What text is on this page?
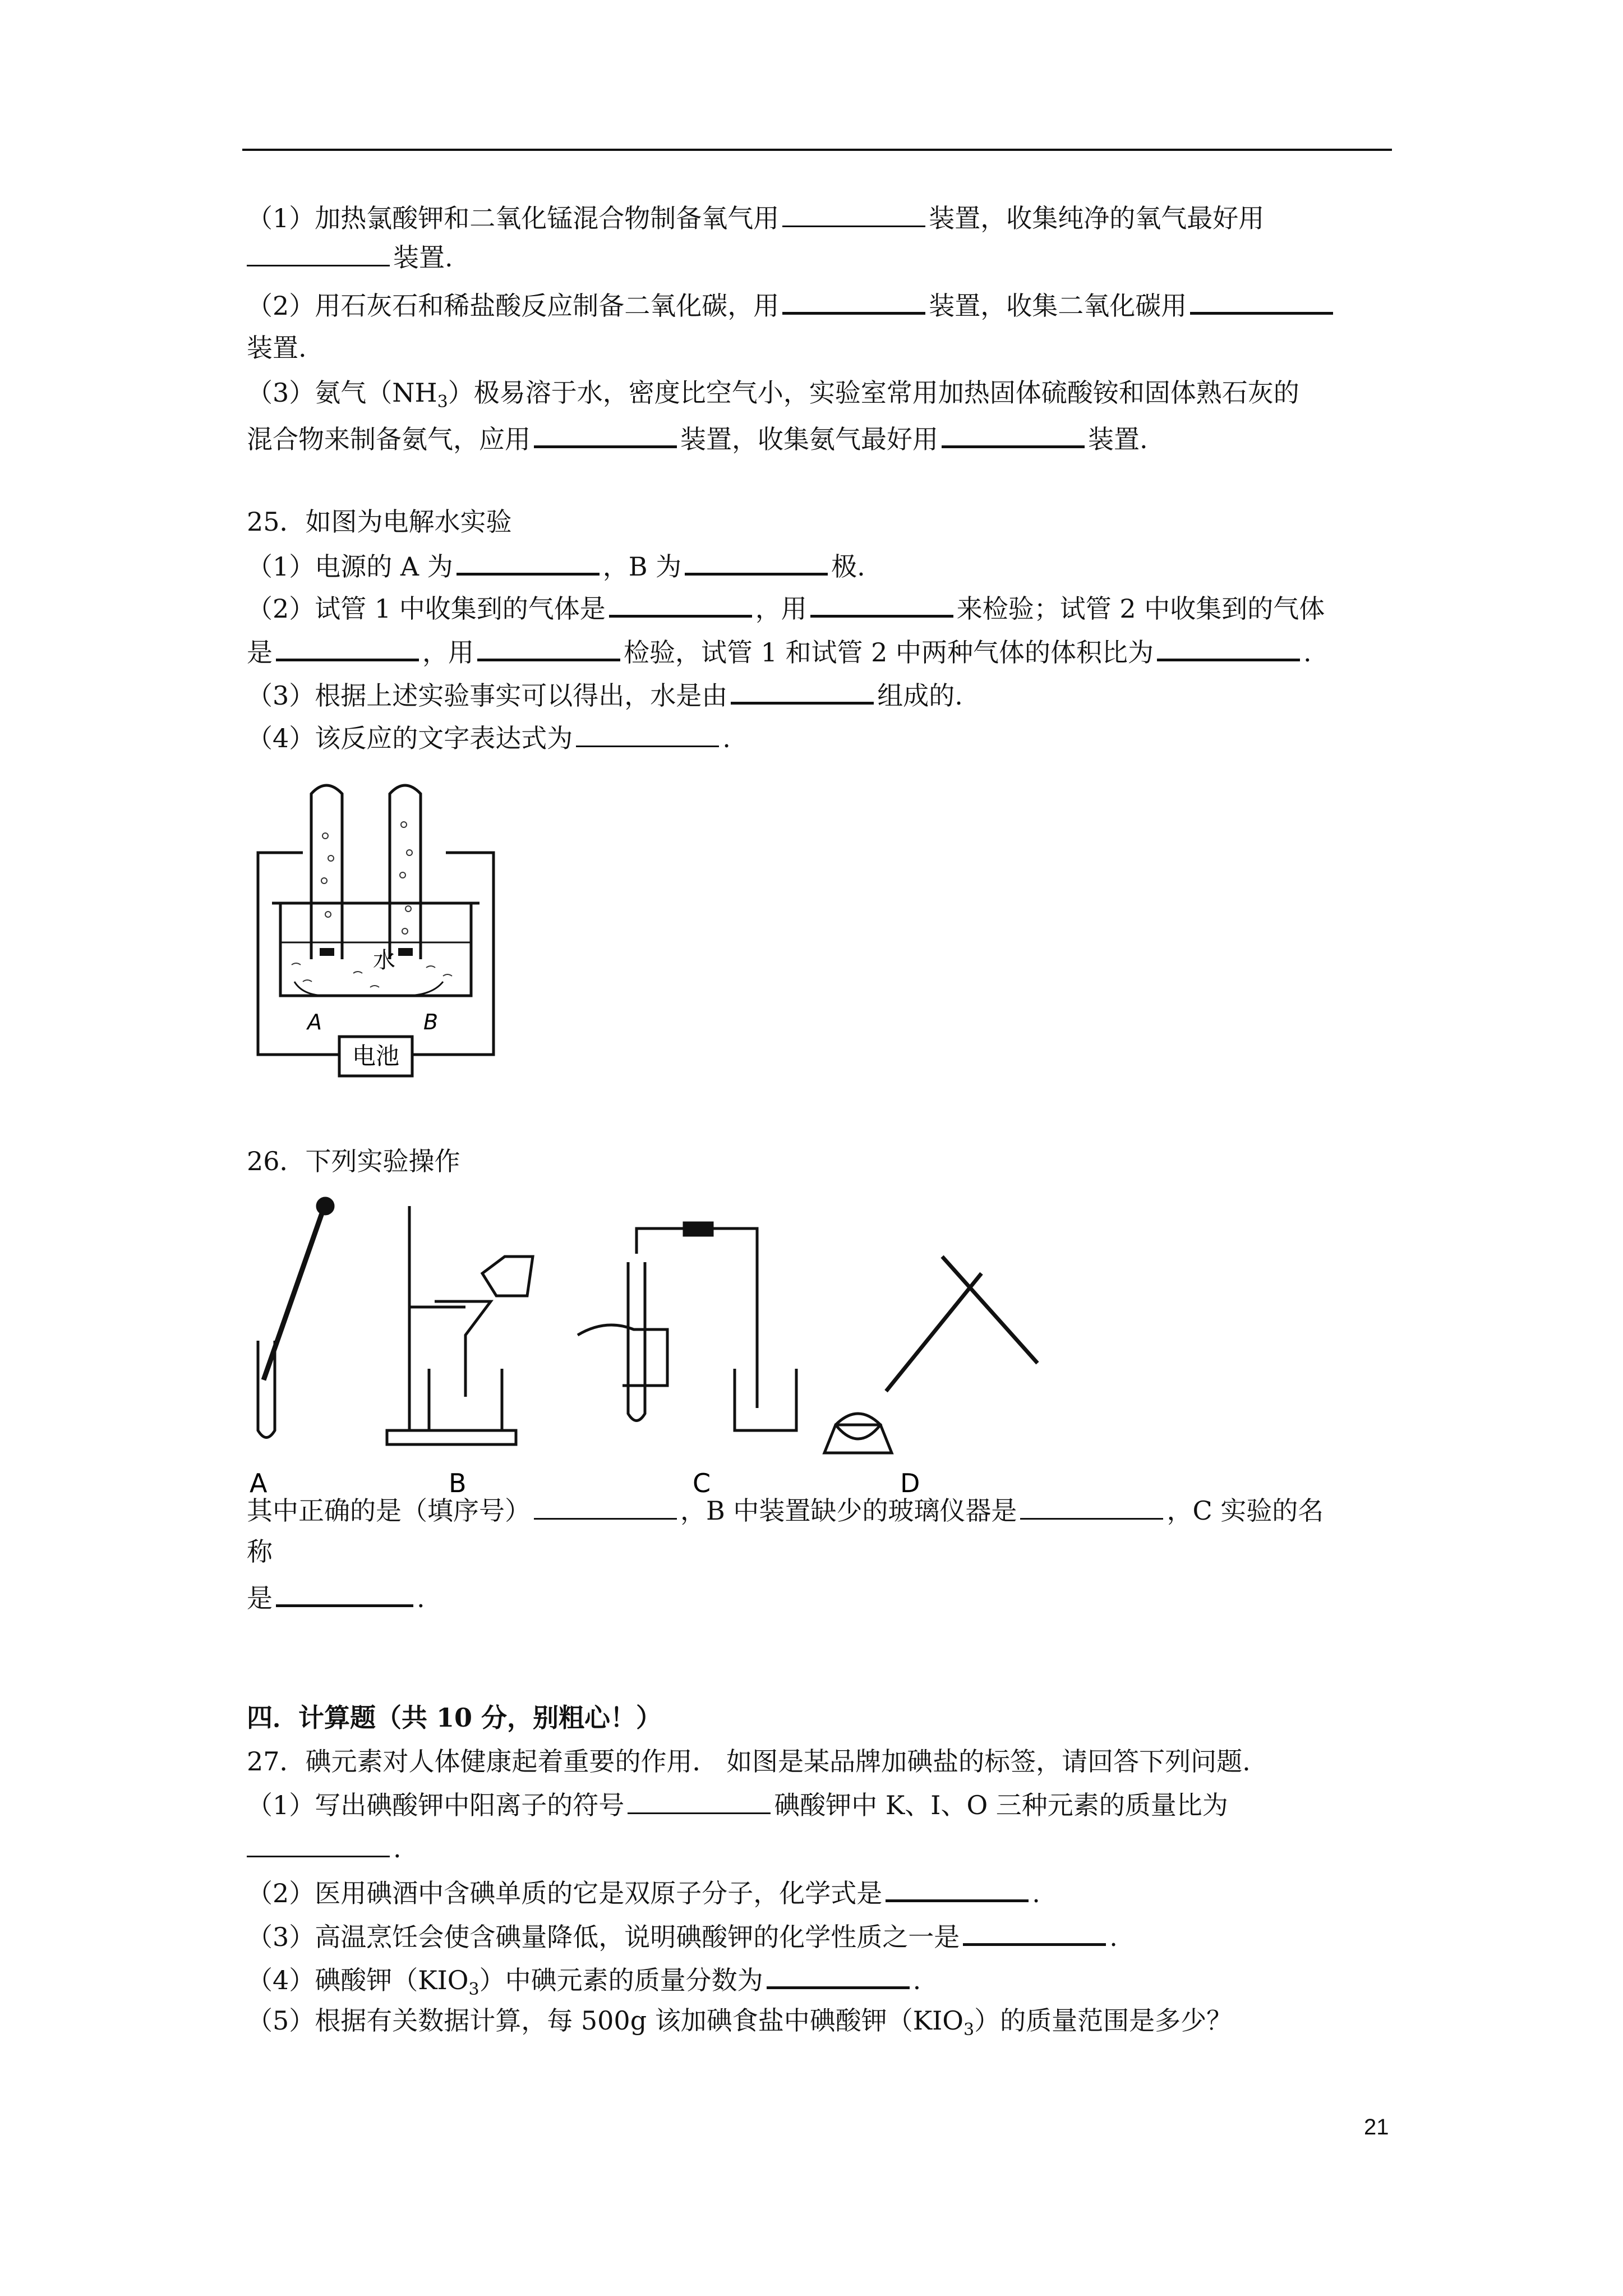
（1）加热氯酸钾和二氧化锰混合物制备氧气用	装置，收集纯净的氧气最好用
装置.
（2）用石灰石和稀盐酸反应制备二氧化碳，用	装置，收集二氧化碳用
装置.
（3）氨气$(NH_3)$极易溶于水，密度比空气小，实验室常用加热固体硫酸铵和固体熟石灰的
混合物来制备氨气，应用	装置，收集氨气最好用	装置.
25．如图为电解水实验
（1）电源的 A 为	，B 为	极.
（2）试管 1 中收集到的气体是	，用	来检验；试管 2 中收集到的气体
是	，用	检验，试管 1 和试管 2 中两种气体的体积比为	.
（3）根据上述实验事实可以得出，水是由	组成的.
（4）该反应的文字表达式为	.
水
A	B
电池
26．下列实验操作
A	B	C	D
其中正确的是（填序号）	，B 中装置缺少的玻璃仪器是	，C 实验的名
称
是	.
四．计算题（共 10 分，别粗心！）
27．碘元素对人体健康起着重要的作用． 如图是某品牌加碘盐的标签，请回答下列问题.
（1）写出碘酸钾中阳离子的符号	碘酸钾中 K、I、O 三种元素的质量比为
.
（2）医用碘酒中含碘单质的它是双原子分子，化学式是	.
（3）高温烹饪会使含碘量降低，说明碘酸钾的化学性质之一是	.
（4）碘酸钾$(KIO_3)$中碘元素的质量分数为	.
（5）根据有关数据计算，每 500g 该加碘食盐中碘酸钾$(KIO_3)$的质量范围是多少？
21
